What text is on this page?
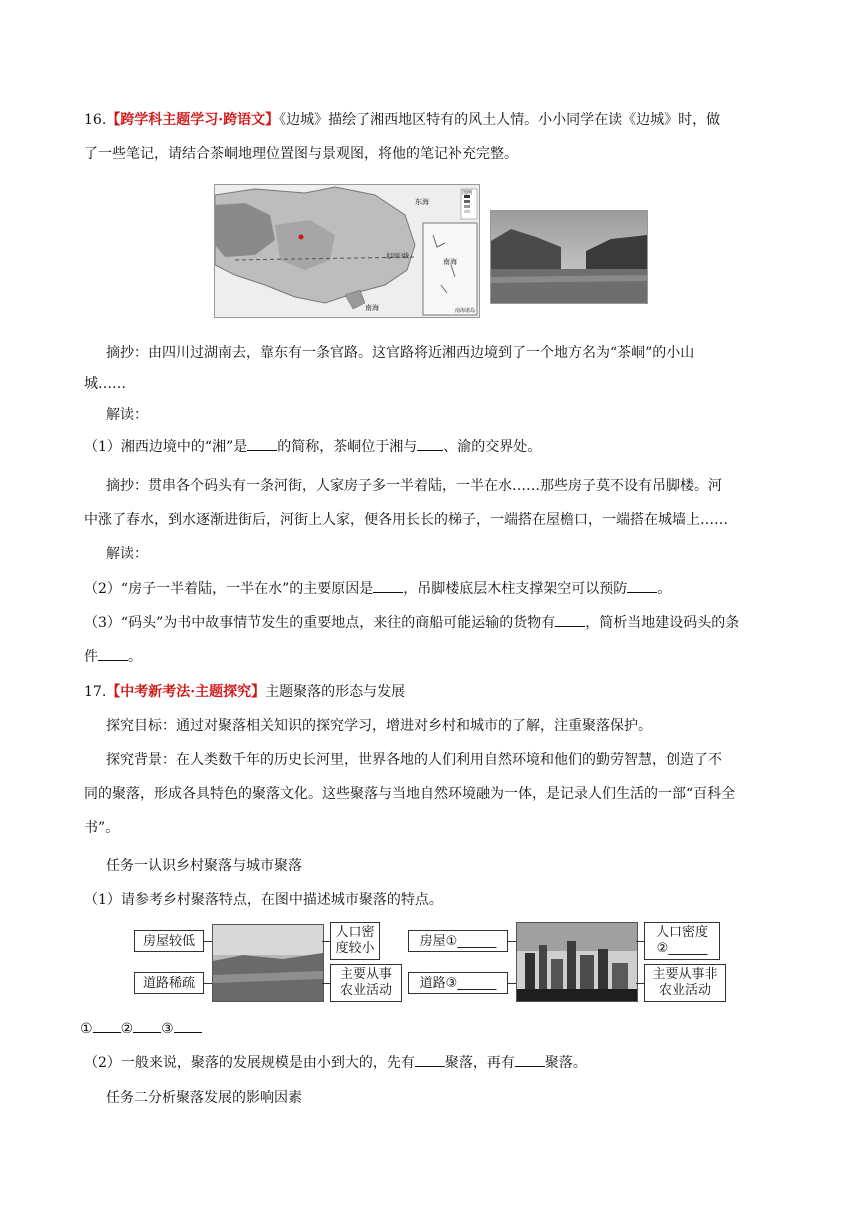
16.【跨学科主题学习·跨语文】《边城》描绘了湘西地区特有的风土人情。小小同学在读《边城》时，做
了一些笔记，请结合茶峒地理位置图与景观图，将他的笔记补充完整。
东海
南海
南海
北回归线
图例
南海诸岛
摘抄：由四川过湖南去，靠东有一条官路。这官路将近湘西边境到了一个地方名为“茶峒”的小山
城……
解读：
（1）湘西边境中的“湘”是 的简称，茶峒位于湘与 、渝的交界处。
摘抄：贯串各个码头有一条河街，人家房子多一半着陆，一半在水……那些房子莫不设有吊脚楼。河
中涨了春水，到水逐渐进街后，河街上人家，便各用长长的梯子，一端搭在屋檐口，一端搭在城墙上……
解读：
（2）“房子一半着陆，一半在水”的主要原因是 ，吊脚楼底层木柱支撑架空可以预防 。
（3）“码头”为书中故事情节发生的重要地点，来往的商船可能运输的货物有 ，简析当地建设码头的条
件 。
17.【中考新考法·主题探究】主题聚落的形态与发展
探究目标：通过对聚落相关知识的探究学习，增进对乡村和城市的了解，注重聚落保护。
探究背景：在人类数千年的历史长河里，世界各地的人们利用自然环境和他们的勤劳智慧，创造了不
同的聚落，形成各具特色的聚落文化。这些聚落与当地自然环境融为一体，是记录人们生活的一部“百科全
书”。
任务一认识乡村聚落与城市聚落
（1）请参考乡村聚落特点，在图中描述城市聚落的特点。
房屋较低
道路稀疏
人口密度较小
主要从事农业活动
房屋①______
道路③______
人口密度②______
主要从事非农业活动
① ② ③
（2）一般来说，聚落的发展规模是由小到大的，先有 聚落，再有 聚落。
任务二分析聚落发展的影响因素
